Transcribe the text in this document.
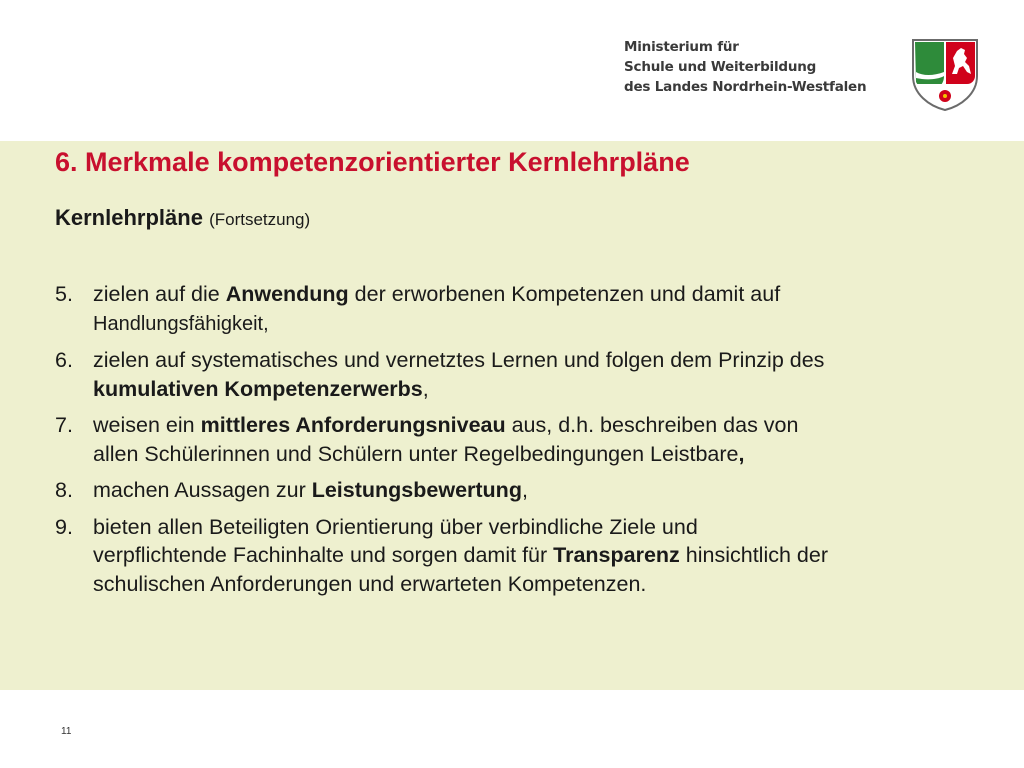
Ministerium für
Schule und Weiterbildung
des Landes Nordrhein-Westfalen
6. Merkmale kompetenzorientierter Kernlehrpläne
Kernlehrpläne (Fortsetzung)
5. zielen auf die Anwendung der erworbenen Kompetenzen und damit auf
Handlungsfähigkeit,
6. zielen auf systematisches und vernetztes Lernen und folgen dem Prinzip des
kumulativen Kompetenzerwerbs,
7. weisen ein mittleres Anforderungsniveau aus, d.h. beschreiben das von
allen Schülerinnen und Schülern unter Regelbedingungen Leistbare,
8. machen Aussagen zur Leistungsbewertung,
9. bieten allen Beteiligten Orientierung über verbindliche Ziele und
verpflichtende Fachinhalte und sorgen damit für Transparenz hinsichtlich der
schulischen Anforderungen und erwarteten Kompetenzen.
11
